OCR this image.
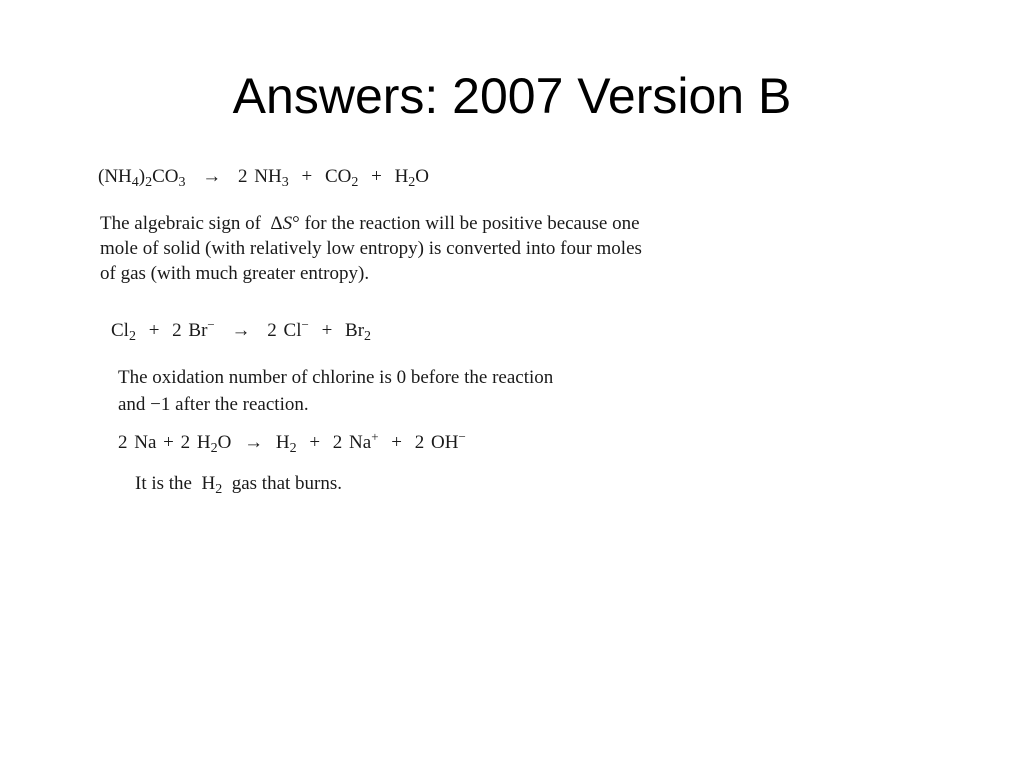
Answers: 2007 Version B
$(NH_4)_2CO_3 \to 2$ $NH_3 + CO_2 + H_2O$
The algebraic sign of ΔS° for the reaction will be positive because one
mole of solid (with relatively low entropy) is converted into four moles
of gas (with much greater entropy).
$Cl_2 + 2$ Br− → 2 $Cl^- + Br_2$
The oxidation number of chlorine is 0 before the reaction
and −1 after the reaction.
2 Na + 2 $H_2O \to H_2 + 2$ Na+ + 2 OH−
It is the $H_2$ gas that burns.
